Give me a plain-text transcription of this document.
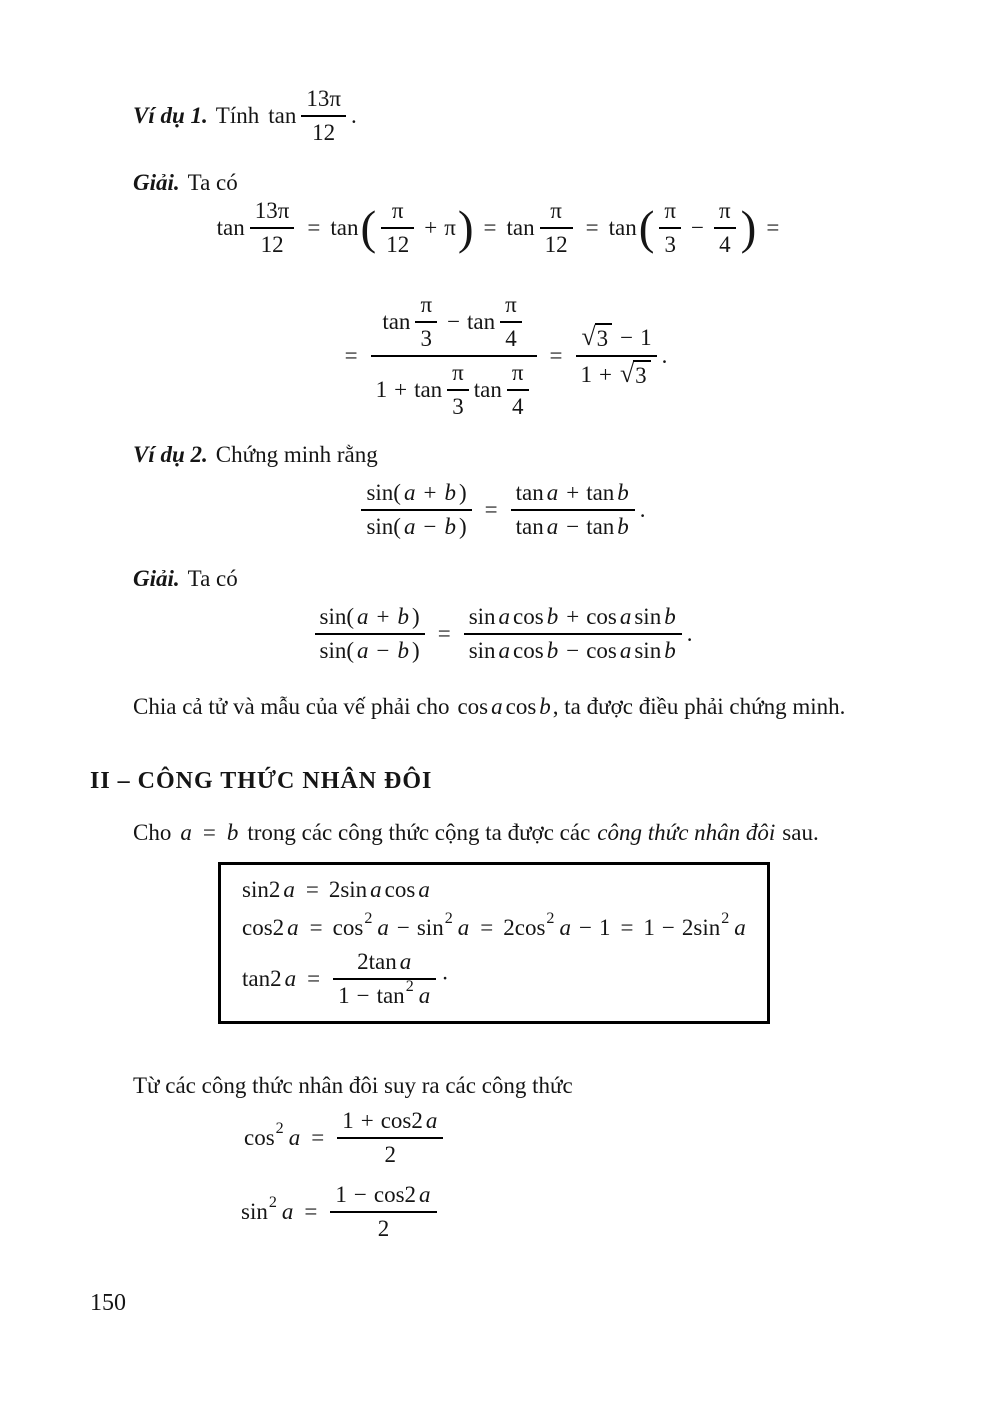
Ví dụ 1. Tính $\tan \frac{13\pi}{12}$ .
Giải. Ta có
$\tan \frac{13\pi}{12} = \tan$ ( $\frac{\pi}{12} + \pi$ ) = $\tan \frac{\pi}{12} = \tan$ ( $\frac{\pi}{3} - \frac{\pi}{4}$ ) =
= $\frac{\tan \frac{\pi}{3} - \tan \frac{\pi}{4}}{1 + \tan \frac{\pi}{3} \tan \frac{\pi}{4}} = \frac{√ 3 - 1}{1 + √ 3}$ .
Ví dụ 2. Chứng minh rằng
$\frac{\sin( a + b )}{\sin( a - b )} = \frac{\text{tan a + tan b}}{\text{tan a − tan b}}$ .
Giải. Ta có
$\frac{\sin( a + b )}{\sin( a - b )} = \frac{\text{sin a cos b + cos a sin b}}{\text{sin a cos b − cos a sin b}}$ .
Chia cả tử và mẫu của vế phải cho cos a cos b , ta được điều phải chứng minh.
II – CÔNG THỨC NHÂN ĐÔI
Cho a = b trong các công thức cộng ta được các công thức nhân đôi sau.
sin2 a = 2sin a cos a
cos2 a = cos 2 a − sin 2 a = 2cos 2 a − 1 = 1 − 2sin 2 a
tan2 $a = \frac{\text{2tan a}}{1 - \tan 2 a}$ ·
Từ các công thức nhân đôi suy ra các công thức
cos 2 $a = \frac{1 + \cos 2 a}{2}$
sin 2 $a = \frac{1 - \cos 2 a}{2}$
150
